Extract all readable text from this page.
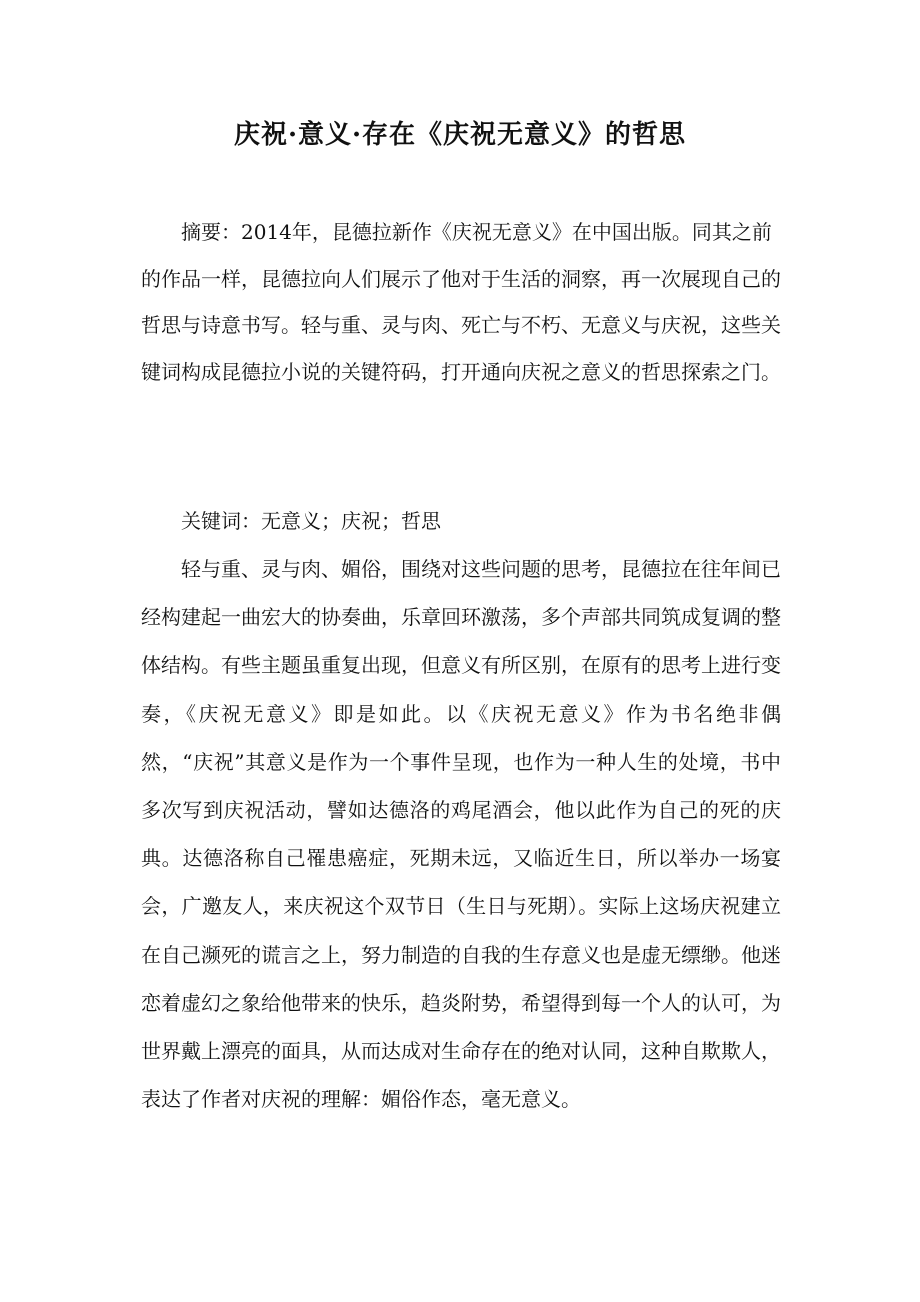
庆祝·意义·存在《庆祝无意义》的哲思

摘要：2014年，昆德拉新作《庆祝无意义》在中国出版。同其之前的作品一样，昆德拉向人们展示了他对于生活的洞察，再一次展现自己的哲思与诗意书写。轻与重、灵与肉、死亡与不朽、无意义与庆祝，这些关键词构成昆德拉小说的关键符码，打开通向庆祝之意义的哲思探索之门。

关键词：无意义；庆祝；哲思

轻与重、灵与肉、媚俗，围绕对这些问题的思考，昆德拉在往年间已经构建起一曲宏大的协奏曲，乐章回环激荡，多个声部共同筑成复调的整体结构。有些主题虽重复出现，但意义有所区别，在原有的思考上进行变奏，《庆祝无意义》即是如此。以《庆祝无意义》作为书名绝非偶然，“庆祝”其意义是作为一个事件呈现，也作为一种人生的处境，书中多次写到庆祝活动，譬如达德洛的鸡尾酒会，他以此作为自己的死的庆典。达德洛称自己罹患癌症，死期未远，又临近生日，所以举办一场宴会，广邀友人，来庆祝这个双节日（生日与死期）。实际上这场庆祝建立在自己濒死的谎言之上，努力制造的自我的生存意义也是虚无缥缈。他迷恋着虚幻之象给他带来的快乐，趋炎附势，希望得到每一个人的认可，为世界戴上漂亮的面具，从而达成对生命存在的绝对认同，这种自欺欺人，表达了作者对庆祝的理解：媚俗作态，毫无意义。
